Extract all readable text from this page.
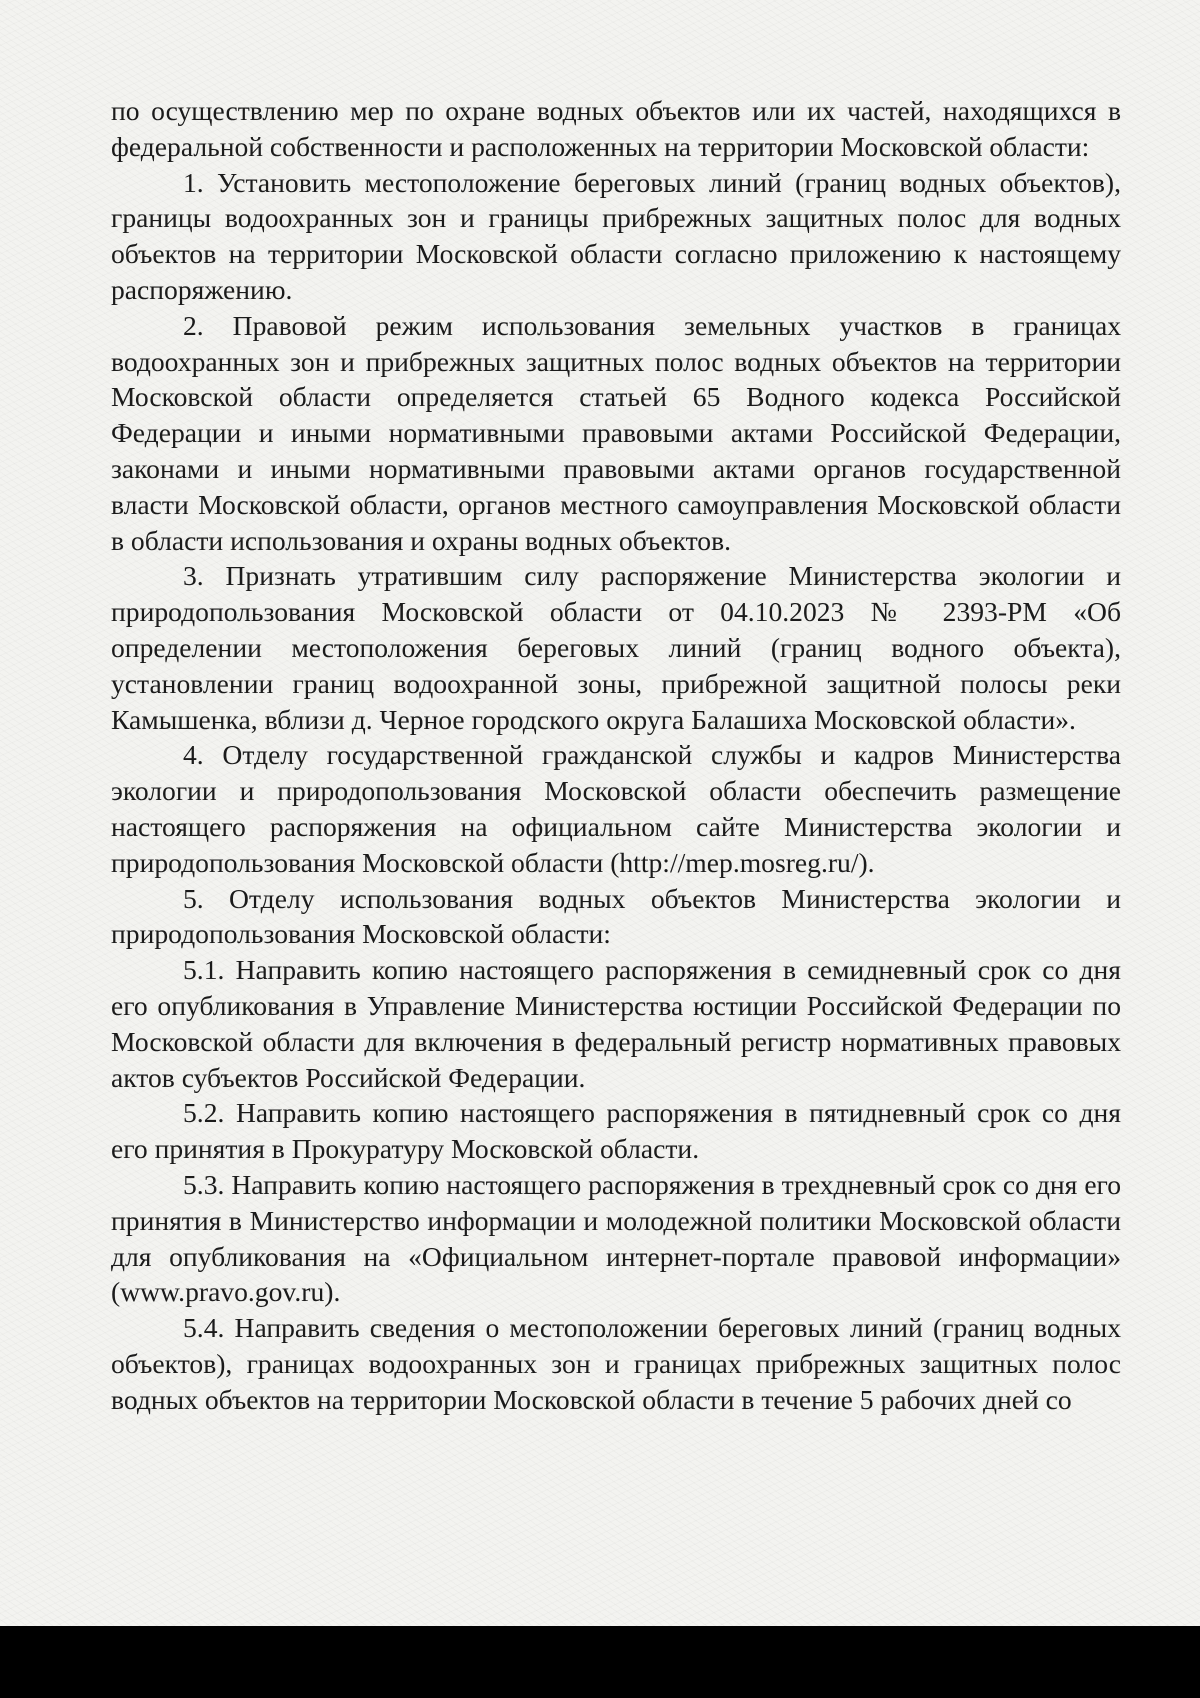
по осуществлению мер по охране водных объектов или их частей, находящихся в федеральной собственности и расположенных на территории Московской области:

1. Установить местоположение береговых линий (границ водных объектов), границы водоохранных зон и границы прибрежных защитных полос для водных объектов на территории Московской области согласно приложению к настоящему распоряжению.

2. Правовой режим использования земельных участков в границах водоохранных зон и прибрежных защитных полос водных объектов на территории Московской области определяется статьей 65 Водного кодекса Российской Федерации и иными нормативными правовыми актами Российской Федерации, законами и иными нормативными правовыми актами органов государственной власти Московской области, органов местного самоуправления Московской области в области использования и охраны водных объектов.

3. Признать утратившим силу распоряжение Министерства экологии и природопользования Московской области от 04.10.2023 № 2393-РМ «Об определении местоположения береговых линий (границ водного объекта), установлении границ водоохранной зоны, прибрежной защитной полосы реки Камышенка, вблизи д. Черное городского округа Балашиха Московской области».

4. Отделу государственной гражданской службы и кадров Министерства экологии и природопользования Московской области обеспечить размещение настоящего распоряжения на официальном сайте Министерства экологии и природопользования Московской области (http://mep.mosreg.ru/).

5. Отделу использования водных объектов Министерства экологии и природопользования Московской области:

5.1. Направить копию настоящего распоряжения в семидневный срок со дня его опубликования в Управление Министерства юстиции Российской Федерации по Московской области для включения в федеральный регистр нормативных правовых актов субъектов Российской Федерации.

5.2. Направить копию настоящего распоряжения в пятидневный срок со дня его принятия в Прокуратуру Московской области.

5.3. Направить копию настоящего распоряжения в трехдневный срок со дня его принятия в Министерство информации и молодежной политики Московской области для опубликования на «Официальном интернет-портале правовой информации» (www.pravo.gov.ru).

5.4. Направить сведения о местоположении береговых линий (границ водных объектов), границах водоохранных зон и границах прибрежных защитных полос водных объектов на территории Московской области в течение 5 рабочих дней со
